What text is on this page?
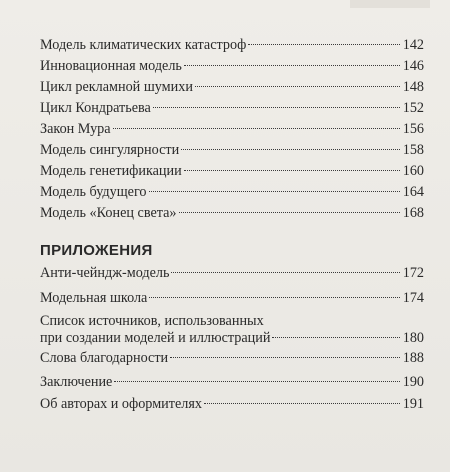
Модель климатических катастроф	142
Инновационная модель	146
Цикл рекламной шумихи	148
Цикл Кондратьева	152
Закон Мура	156
Модель сингулярности	158
Модель генетификации	160
Модель будущего	164
Модель «Конец света»	168
Анти-чейндж-модель	172
Модельная школа	174
Список источников, использованных
при создании моделей и иллюстраций	180
Слова благодарности	188
Заключение	190
Об авторах и оформителях	191
ПРИЛОЖЕНИЯ
